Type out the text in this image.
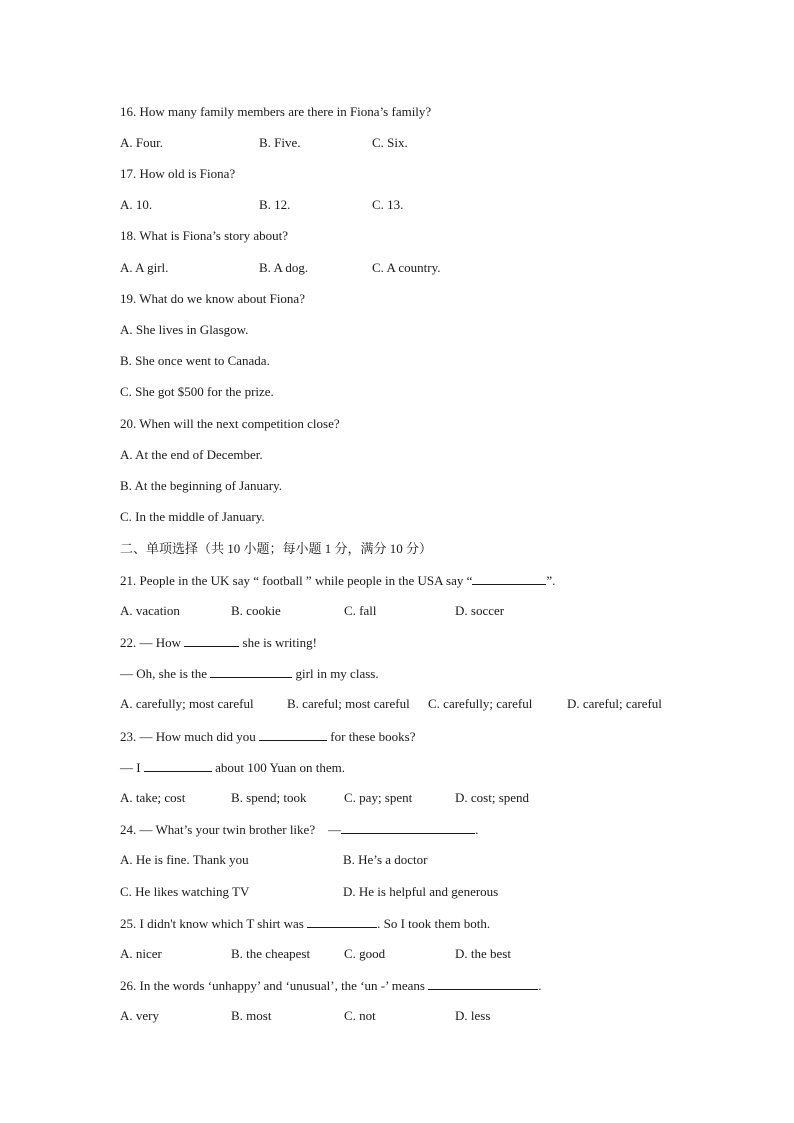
16. How many family members are there in Fiona’s family?
A. Four.	B. Five.	C. Six.
17. How old is Fiona?
A. 10.	B. 12.	C. 13.
18. What is Fiona’s story about?
A. A girl.	B. A dog.	C. A country.
19. What do we know about Fiona?
A. She lives in Glasgow.
B. She once went to Canada.
C. She got $500 for the prize.
20. When will the next competition close?
A. At the end of December.
B. At the beginning of January.
C. In the middle of January.
二、单项选择（共 10 小题；每小题 1 分，满分 10 分）
21. People in the UK say “ football ” while people in the USA say “	”.
A. vacation	B. cookie	C. fall	D. soccer
22. — How	she is writing!
— Oh, she is the	girl in my class.
A. carefully; most careful	B. careful; most careful C. carefully; careful	D. careful; careful
23. — How much did you	for these books?
— I	about 100 Yuan on them.
A. take; cost	B. spend; took	C. pay; spent	D. cost; spend
24. — What’s your twin brother like? —	.
A. He is fine. Thank you	B. He’s a doctor
C. He likes watching TV	D. He is helpful and generous
25. I didn't know which T shirt was	. So I took them both.
A. nicer	B. the cheapest	C. good	D. the best
26. In the words ‘unhappy’ and ‘unusual’, the ‘un -’ means	.
A. very	B. most	C. not	D. less
